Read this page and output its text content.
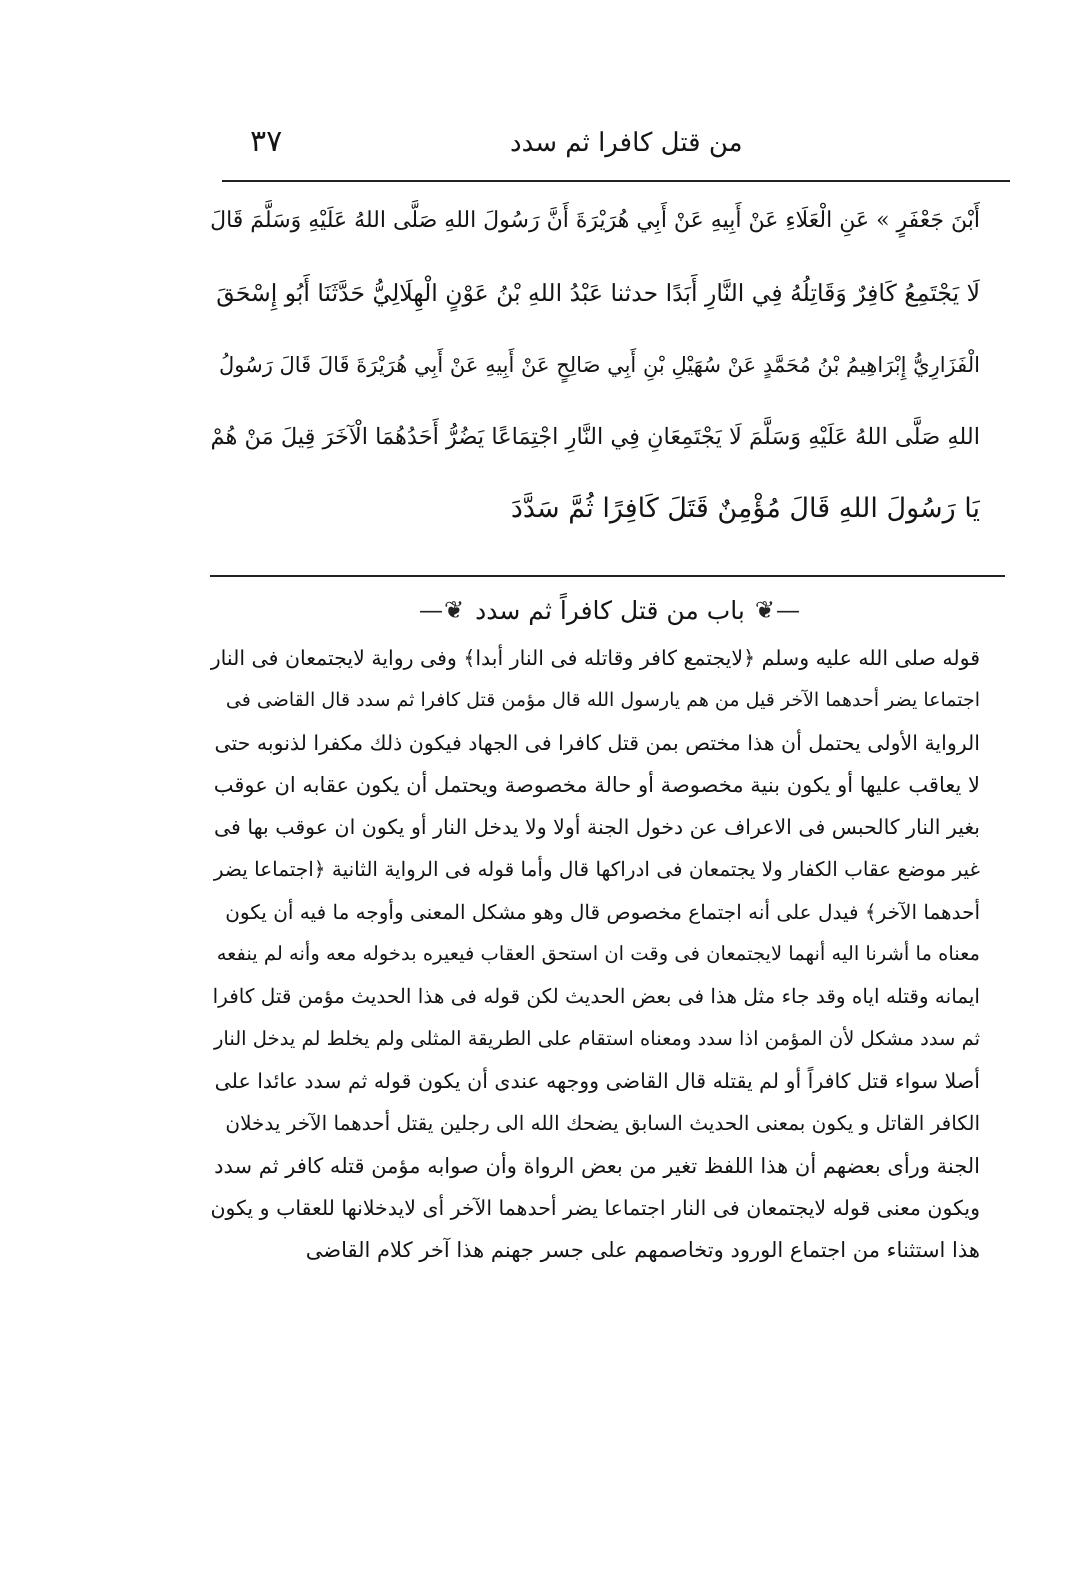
٣٧	من قتل كافرا ثم سدد
أَبْنَ جَعْفَرٍ » عَنِ الْعَلَاءِ عَنْ أَبِيهِ عَنْ أَبِي هُرَيْرَةَ أَنَّ رَسُولَ اللهِ صَلَّى اللهُ عَلَيْهِ وَسَلَّمَ قَالَ
لَا يَجْتَمِعُ كَافِرٌ وَقَاتِلُهُ فِي النَّارِ أَبَدًا حدثنا عَبْدُ اللهِ بْنُ عَوْنٍ الْهِلَالِيُّ حَدَّثَنَا أَبُو إِسْحَقَ
الْفَزَارِيُّ إِبْرَاهِيمُ بْنُ مُحَمَّدٍ عَنْ سُهَيْلِ بْنِ أَبِي صَالِحٍ عَنْ أَبِيهِ عَنْ أَبِي هُرَيْرَةَ قَالَ قَالَ رَسُولُ
اللهِ صَلَّى اللهُ عَلَيْهِ وَسَلَّمَ لَا يَجْتَمِعَانِ فِي النَّارِ اجْتِمَاعًا يَضُرُّ أَحَدُهُمَا الْآخَرَ قِيلَ مَنْ هُمْ
يَا رَسُولَ اللهِ قَالَ مُؤْمِنٌ قَتَلَ كَافِرًا ثُمَّ سَدَّدَ
—❦
باب من قتل كافراً ثم سدد
❦—
قوله صلى الله عليه وسلم ﴿لايجتمع كافر وقاتله فى النار أبدا﴾ وفى رواية لايجتمعان فى النار
اجتماعا يضر أحدهما الآخر قيل من هم يارسول الله قال مؤمن قتل كافرا ثم سدد قال القاضى فى
الرواية الأولى يحتمل أن هذا مختص بمن قتل كافرا فى الجهاد فيكون ذلك مكفرا لذنوبه حتى
لا يعاقب عليها أو يكون بنية مخصوصة أو حالة مخصوصة ويحتمل أن يكون عقابه ان عوقب
بغير النار كالحبس فى الاعراف عن دخول الجنة أولا ولا يدخل النار أو يكون ان عوقب بها فى
غير موضع عقاب الكفار ولا يجتمعان فى ادراكها قال وأما قوله فى الرواية الثانية ﴿اجتماعا يضر
أحدهما الآخر﴾ فيدل على أنه اجتماع مخصوص قال وهو مشكل المعنى وأوجه ما فيه أن يكون
معناه ما أشرنا اليه أنهما لايجتمعان فى وقت ان استحق العقاب فيعيره بدخوله معه وأنه لم ينفعه
ايمانه وقتله اياه وقد جاء مثل هذا فى بعض الحديث لكن قوله فى هذا الحديث مؤمن قتل كافرا
ثم سدد مشكل لأن المؤمن اذا سدد ومعناه استقام على الطريقة المثلى ولم يخلط لم يدخل النار
أصلا سواء قتل كافراً أو لم يقتله قال القاضى ووجهه عندى أن يكون قوله ثم سدد عائدا على
الكافر القاتل و يكون بمعنى الحديث السابق يضحك الله الى رجلين يقتل أحدهما الآخر يدخلان
الجنة ورأى بعضهم أن هذا اللفظ تغير من بعض الرواة وأن صوابه مؤمن قتله كافر ثم سدد
ويكون معنى قوله لايجتمعان فى النار اجتماعا يضر أحدهما الآخر أى لايدخلانها للعقاب و يكون
هذا استثناء من اجتماع الورود وتخاصمهم على جسر جهنم هذا آخر كلام القاضى
